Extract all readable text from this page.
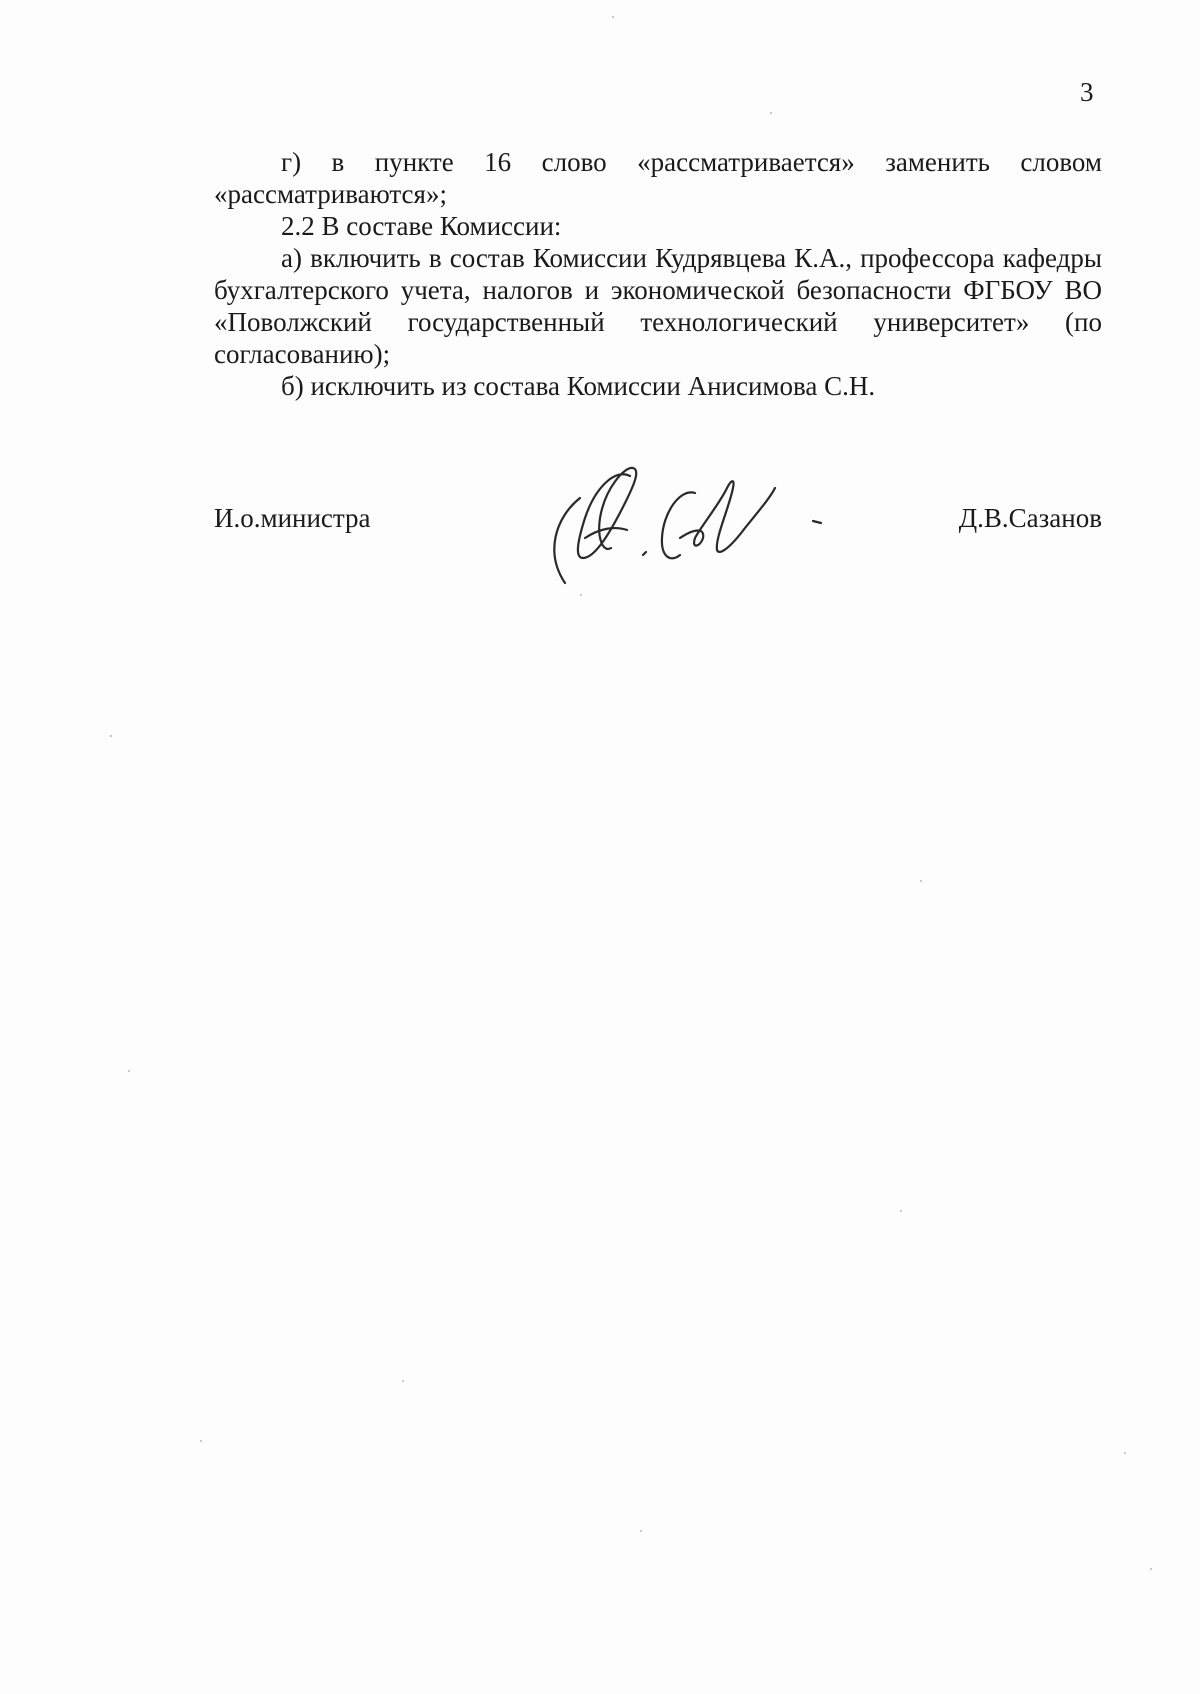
3

г) в пункте 16 слово «рассматривается» заменить словом «рассматриваются»;

2.2 В составе Комиссии:

а) включить в состав Комиссии Кудрявцева К.А., профессора кафедры бухгалтерского учета, налогов и экономической безопасности ФГБОУ ВО «Поволжский государственный технологический университет» (по согласованию);

б) исключить из состава Комиссии Анисимова С.Н.

И.о.министра	Д.В.Сазанов
